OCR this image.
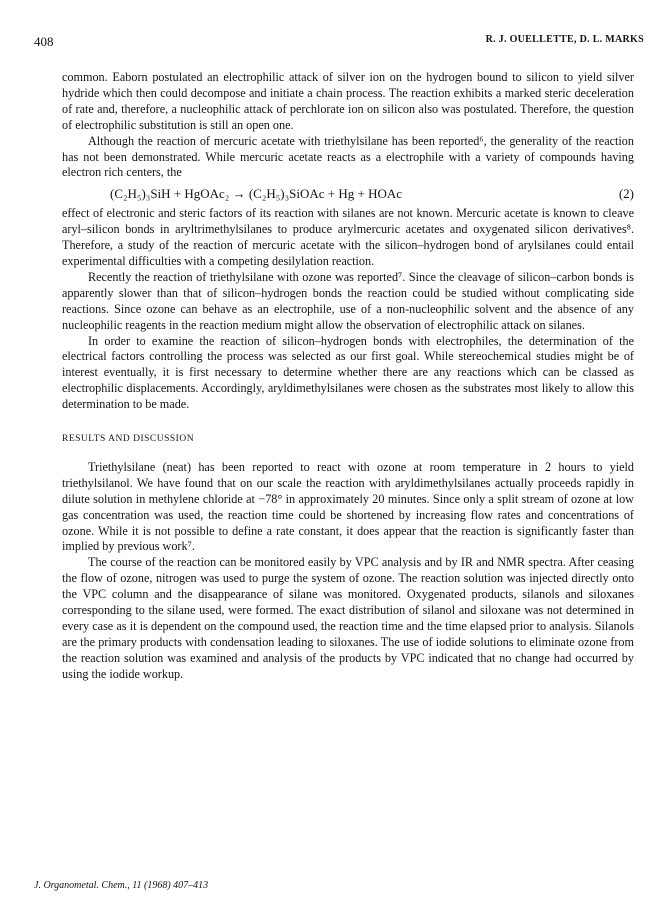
408	R. J. OUELLETTE, D. L. MARKS

common. Eaborn postulated an electrophilic attack of silver ion on the hydrogen bound to silicon to yield silver hydride which then could decompose and initiate a chain process. The reaction exhibits a marked steric deceleration of rate and, therefore, a nucleophilic attack of perchlorate ion on silicon also was postulated. Therefore, the question of electrophilic substitution is still an open one.

Although the reaction of mercuric acetate with triethylsilane has been reported⁶, the generality of the reaction has not been demonstrated. While mercuric acetate reacts as a electrophile with a variety of compounds having electron rich centers, the

(C₂H₅)₃SiH + HgOAc₂ → (C₂H₅)₃SiOAc + Hg + HOAc	(2)

effect of electronic and steric factors of its reaction with silanes are not known. Mercuric acetate is known to cleave aryl–silicon bonds in aryltrimethylsilanes to produce arylmercuric acetates and oxygenated silicon derivatives⁸. Therefore, a study of the reaction of mercuric acetate with the silicon–hydrogen bond of arylsilanes could entail experimental difficulties with a competing desilylation reaction.

Recently the reaction of triethylsilane with ozone was reported⁷. Since the cleavage of silicon–carbon bonds is apparently slower than that of silicon–hydrogen bonds the reaction could be studied without complicating side reactions. Since ozone can behave as an electrophile, use of a non-nucleophilic solvent and the absence of any nucleophilic reagents in the reaction medium might allow the observation of electrophilic attack on silanes.

In order to examine the reaction of silicon–hydrogen bonds with electrophiles, the determination of the electrical factors controlling the process was selected as our first goal. While stereochemical studies might be of interest eventually, it is first necessary to determine whether there are any reactions which can be classed as electrophilic displacements. Accordingly, aryldimethylsilanes were chosen as the substrates most likely to allow this determination to be made.

RESULTS AND DISCUSSION

Triethylsilane (neat) has been reported to react with ozone at room temperature in 2 hours to yield triethylsilanol. We have found that on our scale the reaction with aryldimethylsilanes actually proceeds rapidly in dilute solution in methylene chloride at −78° in approximately 20 minutes. Since only a split stream of ozone at low gas concentration was used, the reaction time could be shortened by increasing flow rates and concentrations of ozone. While it is not possible to define a rate constant, it does appear that the reaction is significantly faster than implied by previous work⁷.

The course of the reaction can be monitored easily by VPC analysis and by IR and NMR spectra. After ceasing the flow of ozone, nitrogen was used to purge the system of ozone. The reaction solution was injected directly onto the VPC column and the disappearance of silane was monitored. Oxygenated products, silanols and siloxanes corresponding to the silane used, were formed. The exact distribution of silanol and siloxane was not determined in every case as it is dependent on the compound used, the reaction time and the time elapsed prior to analysis. Silanols are the primary products with condensation leading to siloxanes. The use of iodide solutions to eliminate ozone from the reaction solution was examined and analysis of the products by VPC indicated that no change had occurred by using the iodide workup.

J. Organometal. Chem., 11 (1968) 407–413
